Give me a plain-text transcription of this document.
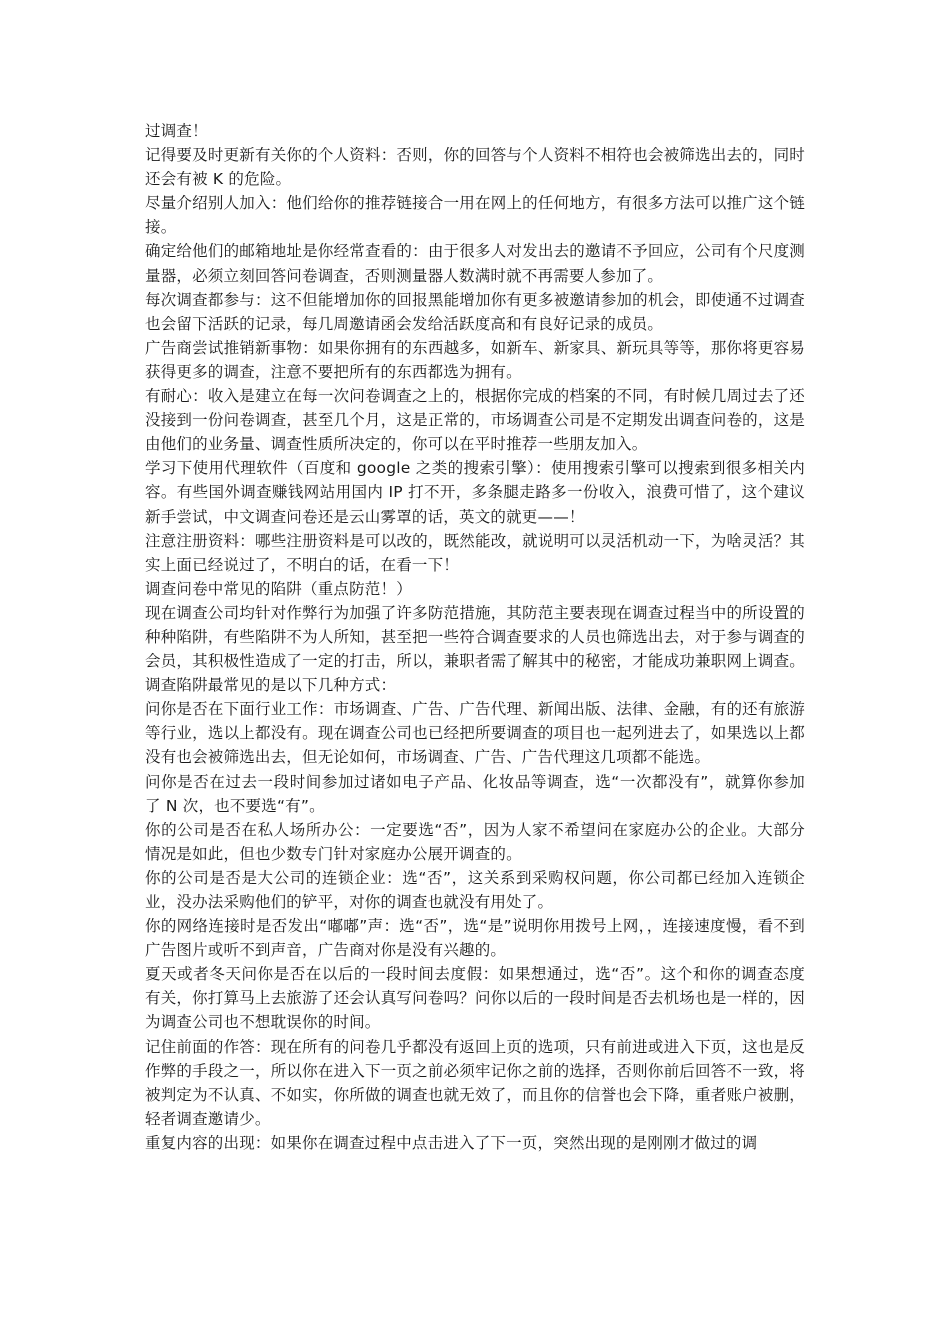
过调查！

记得要及时更新有关你的个人资料：否则，你的回答与个人资料不相符也会被筛选出去的，同时还会有被 K 的危险。

尽量介绍别人加入：他们给你的推荐链接合一用在网上的任何地方，有很多方法可以推广这个链接。

确定给他们的邮箱地址是你经常查看的：由于很多人对发出去的邀请不予回应，公司有个尺度测量器，必须立刻回答问卷调查，否则测量器人数满时就不再需要人参加了。

每次调查都参与：这不但能增加你的回报黑能增加你有更多被邀请参加的机会，即使通不过调查也会留下活跃的记录，每几周邀请函会发给活跃度高和有良好记录的成员。

广告商尝试推销新事物：如果你拥有的东西越多，如新车、新家具、新玩具等等，那你将更容易获得更多的调查，注意不要把所有的东西都选为拥有。

有耐心：收入是建立在每一次问卷调查之上的，根据你完成的档案的不同，有时候几周过去了还没接到一份问卷调查，甚至几个月，这是正常的，市场调查公司是不定期发出调查问卷的，这是由他们的业务量、调查性质所决定的，你可以在平时推荐一些朋友加入。

学习下使用代理软件（百度和 google 之类的搜索引擎）：使用搜索引擎可以搜索到很多相关内容。有些国外调查赚钱网站用国内 IP 打不开，多条腿走路多一份收入，浪费可惜了，这个建议新手尝试，中文调查问卷还是云山雾罩的话，英文的就更——！

注意注册资料：哪些注册资料是可以改的，既然能改，就说明可以灵活机动一下，为啥灵活？其实上面已经说过了，不明白的话，在看一下！

调查问卷中常见的陷阱（重点防范！）

现在调查公司均针对作弊行为加强了许多防范措施，其防范主要表现在调查过程当中的所设置的种种陷阱，有些陷阱不为人所知，甚至把一些符合调查要求的人员也筛选出去，对于参与调查的会员，其积极性造成了一定的打击，所以，兼职者需了解其中的秘密，才能成功兼职网上调查。调查陷阱最常见的是以下几种方式：

问你是否在下面行业工作：市场调查、广告、广告代理、新闻出版、法律、金融，有的还有旅游等行业，选以上都没有。现在调查公司也已经把所要调查的项目也一起列进去了，如果选以上都没有也会被筛选出去，但无论如何，市场调查、广告、广告代理这几项都不能选。

问你是否在过去一段时间参加过诸如电子产品、化妆品等调查，选“一次都没有”，就算你参加了 N 次，也不要选“有”。

你的公司是否在私人场所办公：一定要选“否”，因为人家不希望问在家庭办公的企业。大部分情况是如此，但也少数专门针对家庭办公展开调查的。

你的公司是否是大公司的连锁企业：选“否”，这关系到采购权问题，你公司都已经加入连锁企业，没办法采购他们的铲平，对你的调查也就没有用处了。

你的网络连接时是否发出“嘟嘟”声：选“否”，选“是”说明你用拨号上网，，连接速度慢，看不到广告图片或听不到声音，广告商对你是没有兴趣的。

夏天或者冬天问你是否在以后的一段时间去度假：如果想通过，选“否”。这个和你的调查态度有关，你打算马上去旅游了还会认真写问卷吗？问你以后的一段时间是否去机场也是一样的，因为调查公司也不想耽误你的时间。

记住前面的作答：现在所有的问卷几乎都没有返回上页的选项，只有前进或进入下页，这也是反作弊的手段之一，所以你在进入下一页之前必须牢记你之前的选择，否则你前后回答不一致，将被判定为不认真、不如实，你所做的调查也就无效了，而且你的信誉也会下降，重者账户被删，轻者调查邀请少。

重复内容的出现：如果你在调查过程中点击进入了下一页，突然出现的是刚刚才做过的调
